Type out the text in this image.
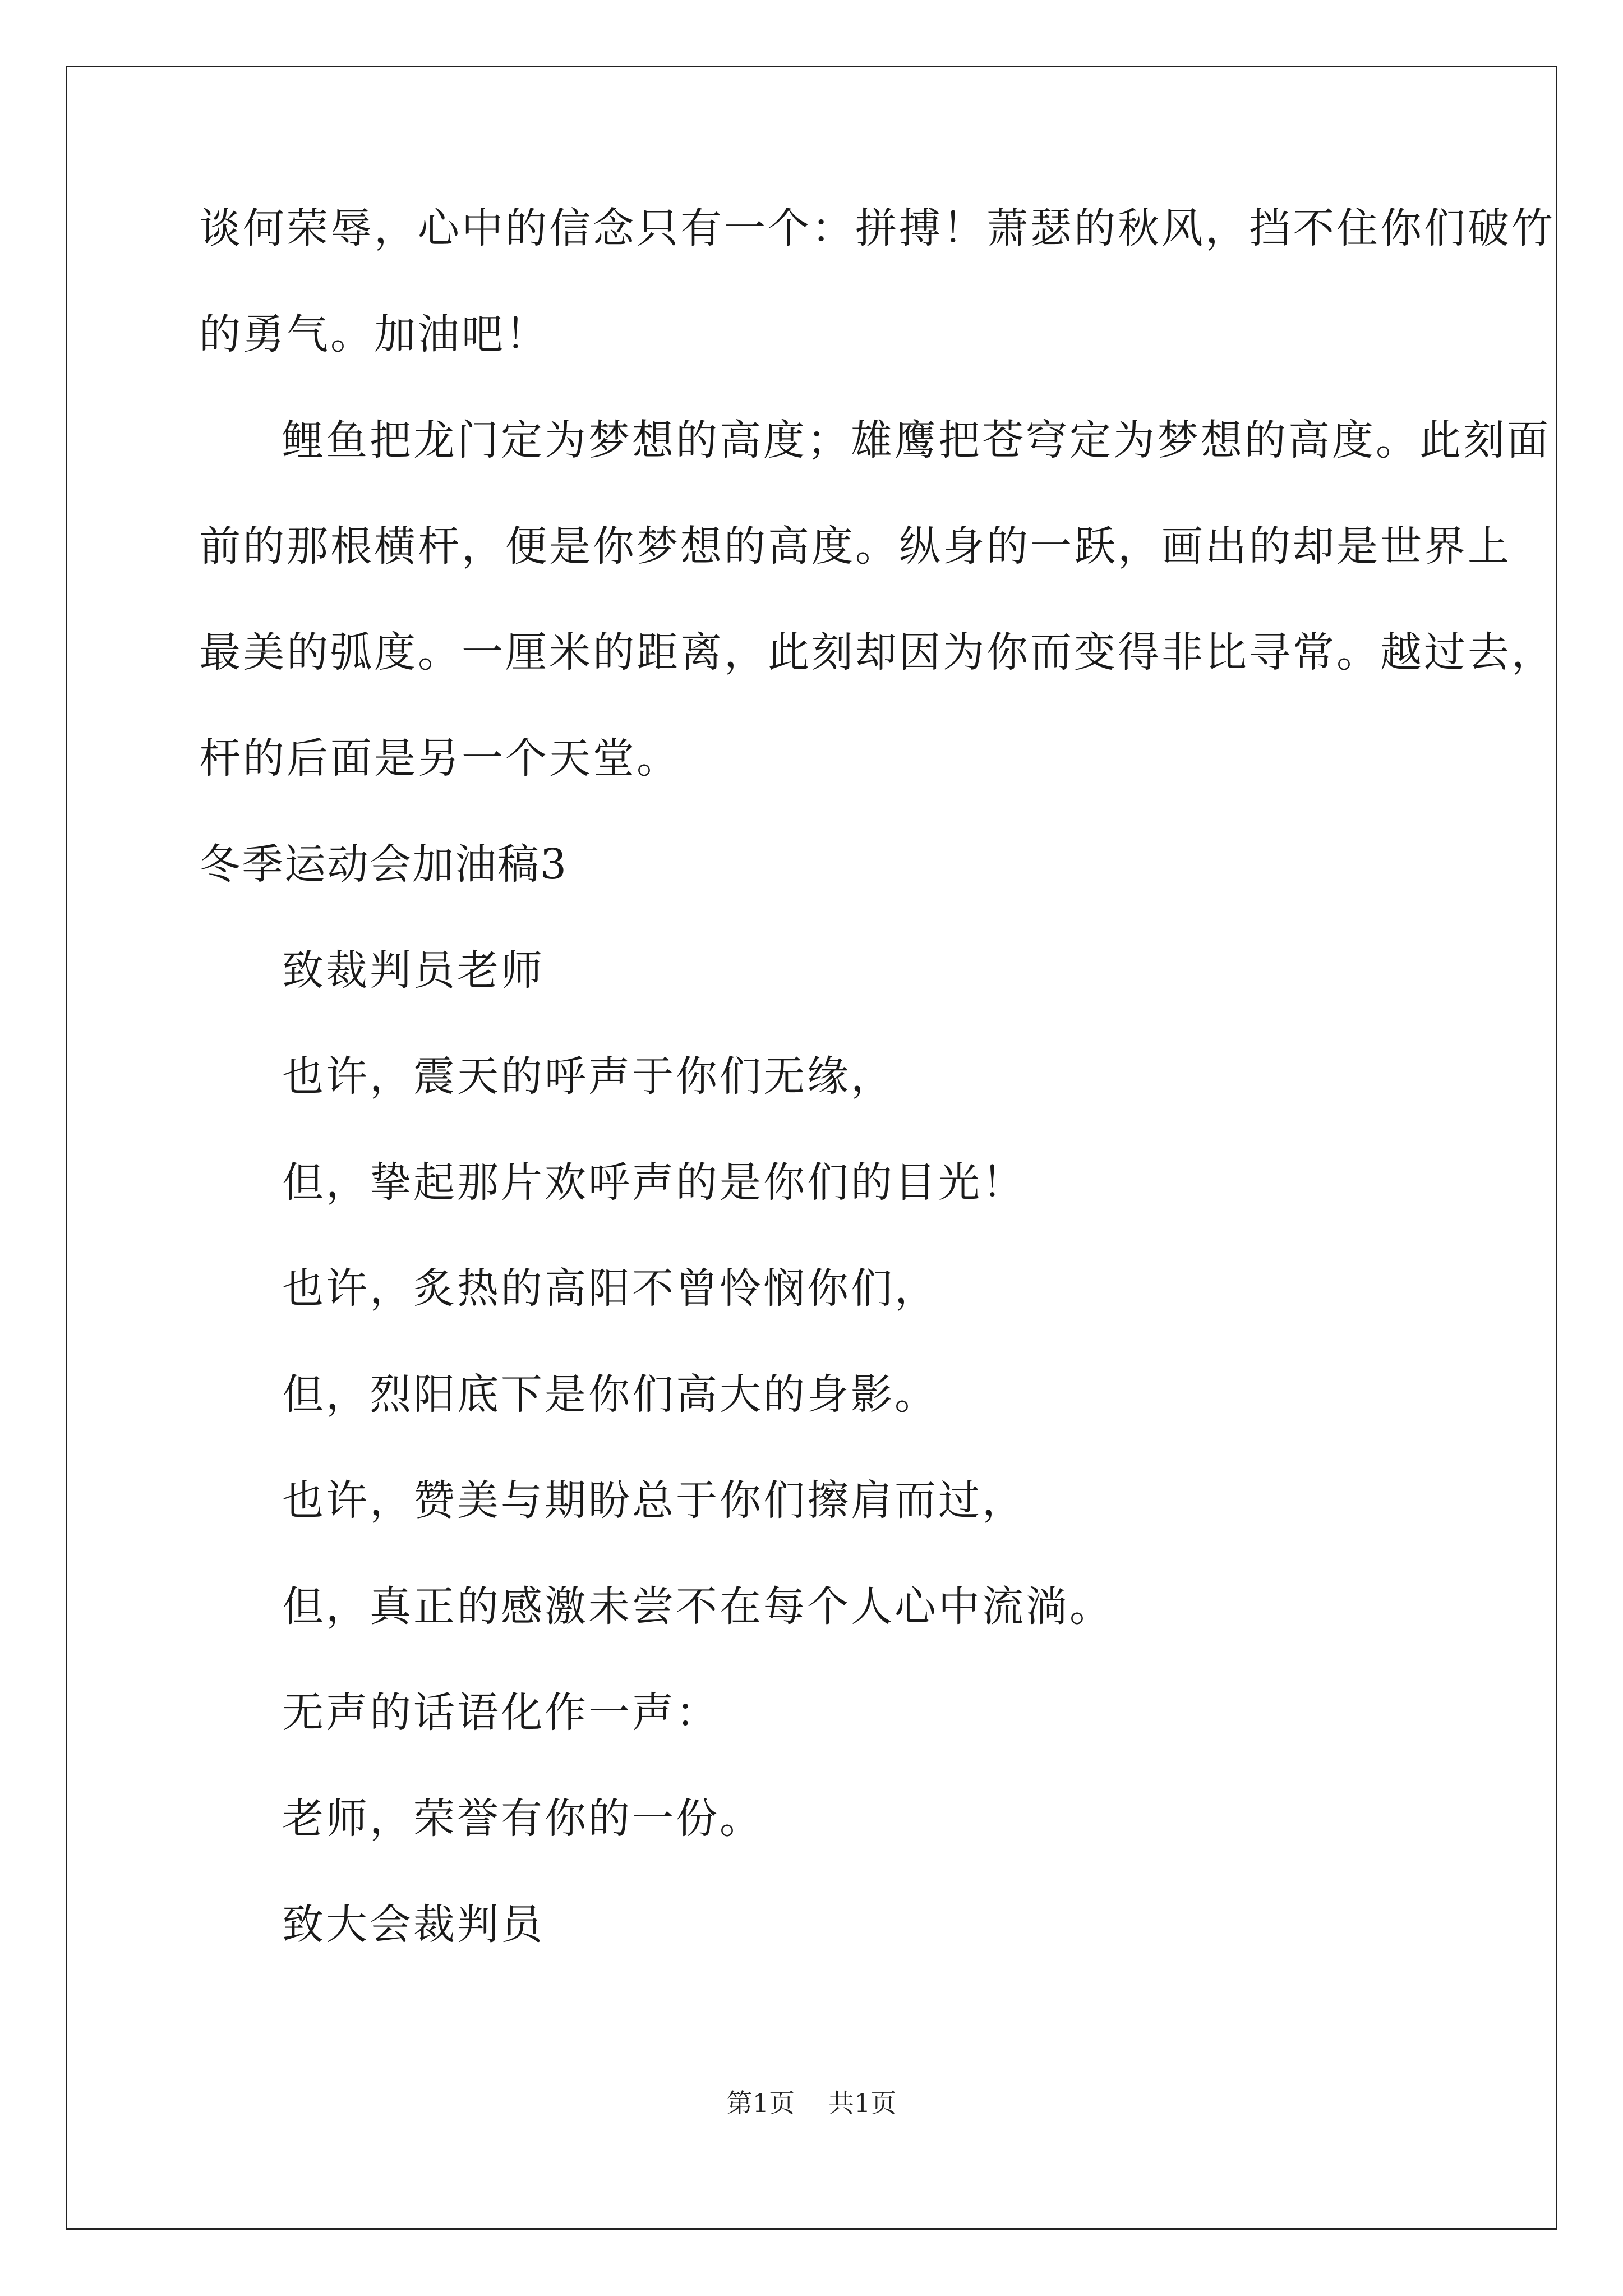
谈何荣辱，心中的信念只有一个：拼搏！萧瑟的秋风，挡不住你们破竹

的勇气。加油吧！

鲤鱼把龙门定为梦想的高度；雄鹰把苍穹定为梦想的高度。此刻面

前的那根横杆，便是你梦想的高度。纵身的一跃，画出的却是世界上

最美的弧度。一厘米的距离，此刻却因为你而变得非比寻常。越过去，

杆的后面是另一个天堂。

冬季运动会加油稿3

致裁判员老师

也许，震天的呼声于你们无缘，

但，挚起那片欢呼声的是你们的目光！

也许，炙热的高阳不曾怜悯你们，

但，烈阳底下是你们高大的身影。

也许，赞美与期盼总于你们擦肩而过，

但，真正的感激未尝不在每个人心中流淌。

无声的话语化作一声：

老师，荣誉有你的一份。

致大会裁判员

第1页 共1页
